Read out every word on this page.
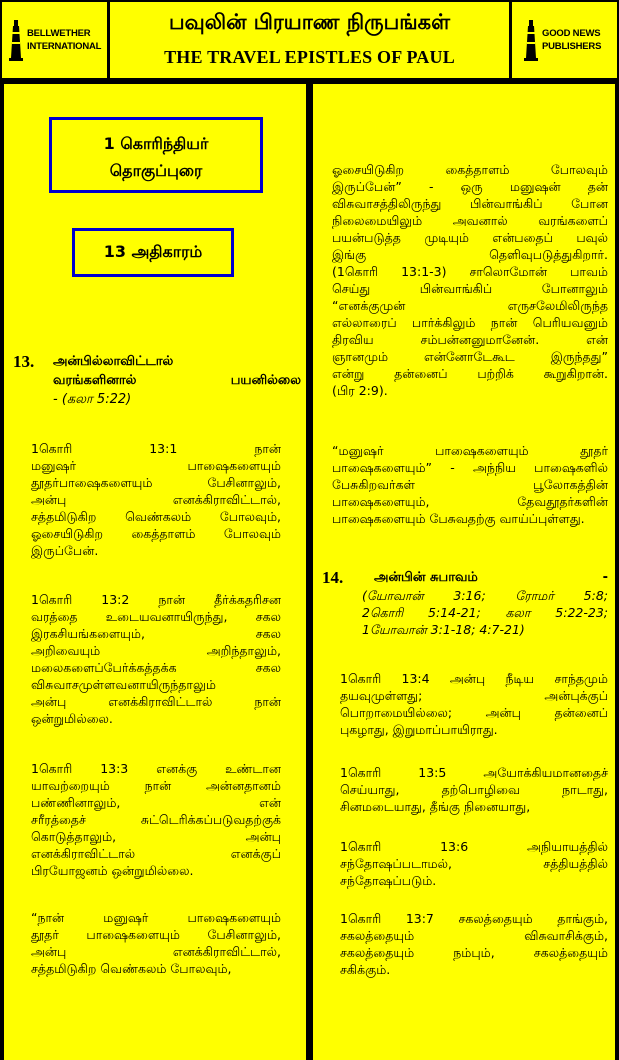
BELLWETHER
INTERNATIONAL
பவுலின் பிரயாண நிருபங்கள்
THE TRAVEL EPISTLES OF PAUL
GOOD NEWS
PUBLISHERS
1 கொரிந்தியர்
தொகுப்புரை
13 அதிகாரம்
13. அன்பில்லாவிட்டால்
வரங்களினால் பயனில்லை
- (கலா 5:22)
1கொரி 13:1 நான்
மனுஷர் பாஷைகளையும்
தூதர்பாஷைகளையும் பேசினாலும்,
அன்பு எனக்கிராவிட்டால்,
சத்தமிடுகிற வெண்கலம் போலவும்,
ஓசையிடுகிற கைத்தாளம் போலவும்
இருப்பேன்.
1கொரி 13:2 நான் தீர்க்கதரிசன
வரத்தை உடையவனாயிருந்து, சகல
இரகசியங்களையும், சகல
அறிவையும் அறிந்தாலும்,
மலைகளைப்பேர்க்கத்தக்க சகல
விசுவாசமுள்ளவனாயிருந்தாலும்
அன்பு எனக்கிராவிட்டால் நான்
ஒன்றுமில்லை.
1கொரி 13:3 எனக்கு உண்டான
யாவற்றையும் நான் அன்னதானம்
பண்ணினாலும், என்
சரீரத்தைச் சுட்டெரிக்கப்படுவதற்குக்
கொடுத்தாலும், அன்பு
எனக்கிராவிட்டால் எனக்குப்
பிரயோஜனம் ஒன்றுமில்லை.
“நான் மனுஷர் பாஷைகளையும்
தூதர் பாஷைகளையும் பேசினாலும்,
அன்பு எனக்கிராவிட்டால்,
சத்தமிடுகிற வெண்கலம் போலவும்,
ஓசையிடுகிற கைத்தாளம் போலவும்
இருப்பேன்” - ஒரு மனுஷன் தன்
விசுவாசத்திலிருந்து பின்வாங்கிப் போன
நிலைமையிலும் அவனால் வரங்களைப்
பயன்படுத்த முடியும் என்பதைப் பவுல்
இங்கு தெளிவுபடுத்துகிறார்.
(1கொரி 13:1-3) சாலொமோன் பாவம்
செய்து பின்வாங்கிப் போனாலும்
“எனக்குமுன் எருசலேமிலிருந்த
எல்லாரைப் பார்க்கிலும் நான் பெரியவனும்
திரவிய சம்பன்னனுமானேன். என்
ஞானமும் என்னோடேகூட இருந்தது”
என்று தன்னைப் பற்றிக் கூறுகிறான்.
(பிர 2:9).
“மனுஷர் பாஷைகளையும் தூதர்
பாஷைகளையும்” - அந்நிய பாஷைகளில்
பேசுகிறவர்கள் பூலோகத்தின்
பாஷைகளையும், தேவதூதர்களின்
பாஷைகளையும் பேசுவதற்கு வாய்ப்புள்ளது.
14. அன்பின் சுபாவம்	-
(யோவான் 3:16; ரோமர் 5:8;
2கொரி 5:14-21; கலா 5:22-23;
1யோவான் 3:1-18; 4:7-21)
1கொரி 13:4 அன்பு நீடிய சாந்தமும்
தயவுமுள்ளது; அன்புக்குப்
பொறாமையில்லை; அன்பு தன்னைப்
புகழாது, இறுமாப்பாயிராது.
1கொரி 13:5 அயோக்கியமானதைச்
செய்யாது, தற்பொழிவை நாடாது,
சினமடையாது, தீங்கு நினையாது,
1கொரி 13:6 அநியாயத்தில்
சந்தோஷப்படாமல், சத்தியத்தில்
சந்தோஷப்படும்.
1கொரி 13:7 சகலத்தையும் தாங்கும்,
சகலத்தையும் விசுவாசிக்கும்,
சகலத்தையும் நம்பும், சகலத்தையும்
சகிக்கும்.
